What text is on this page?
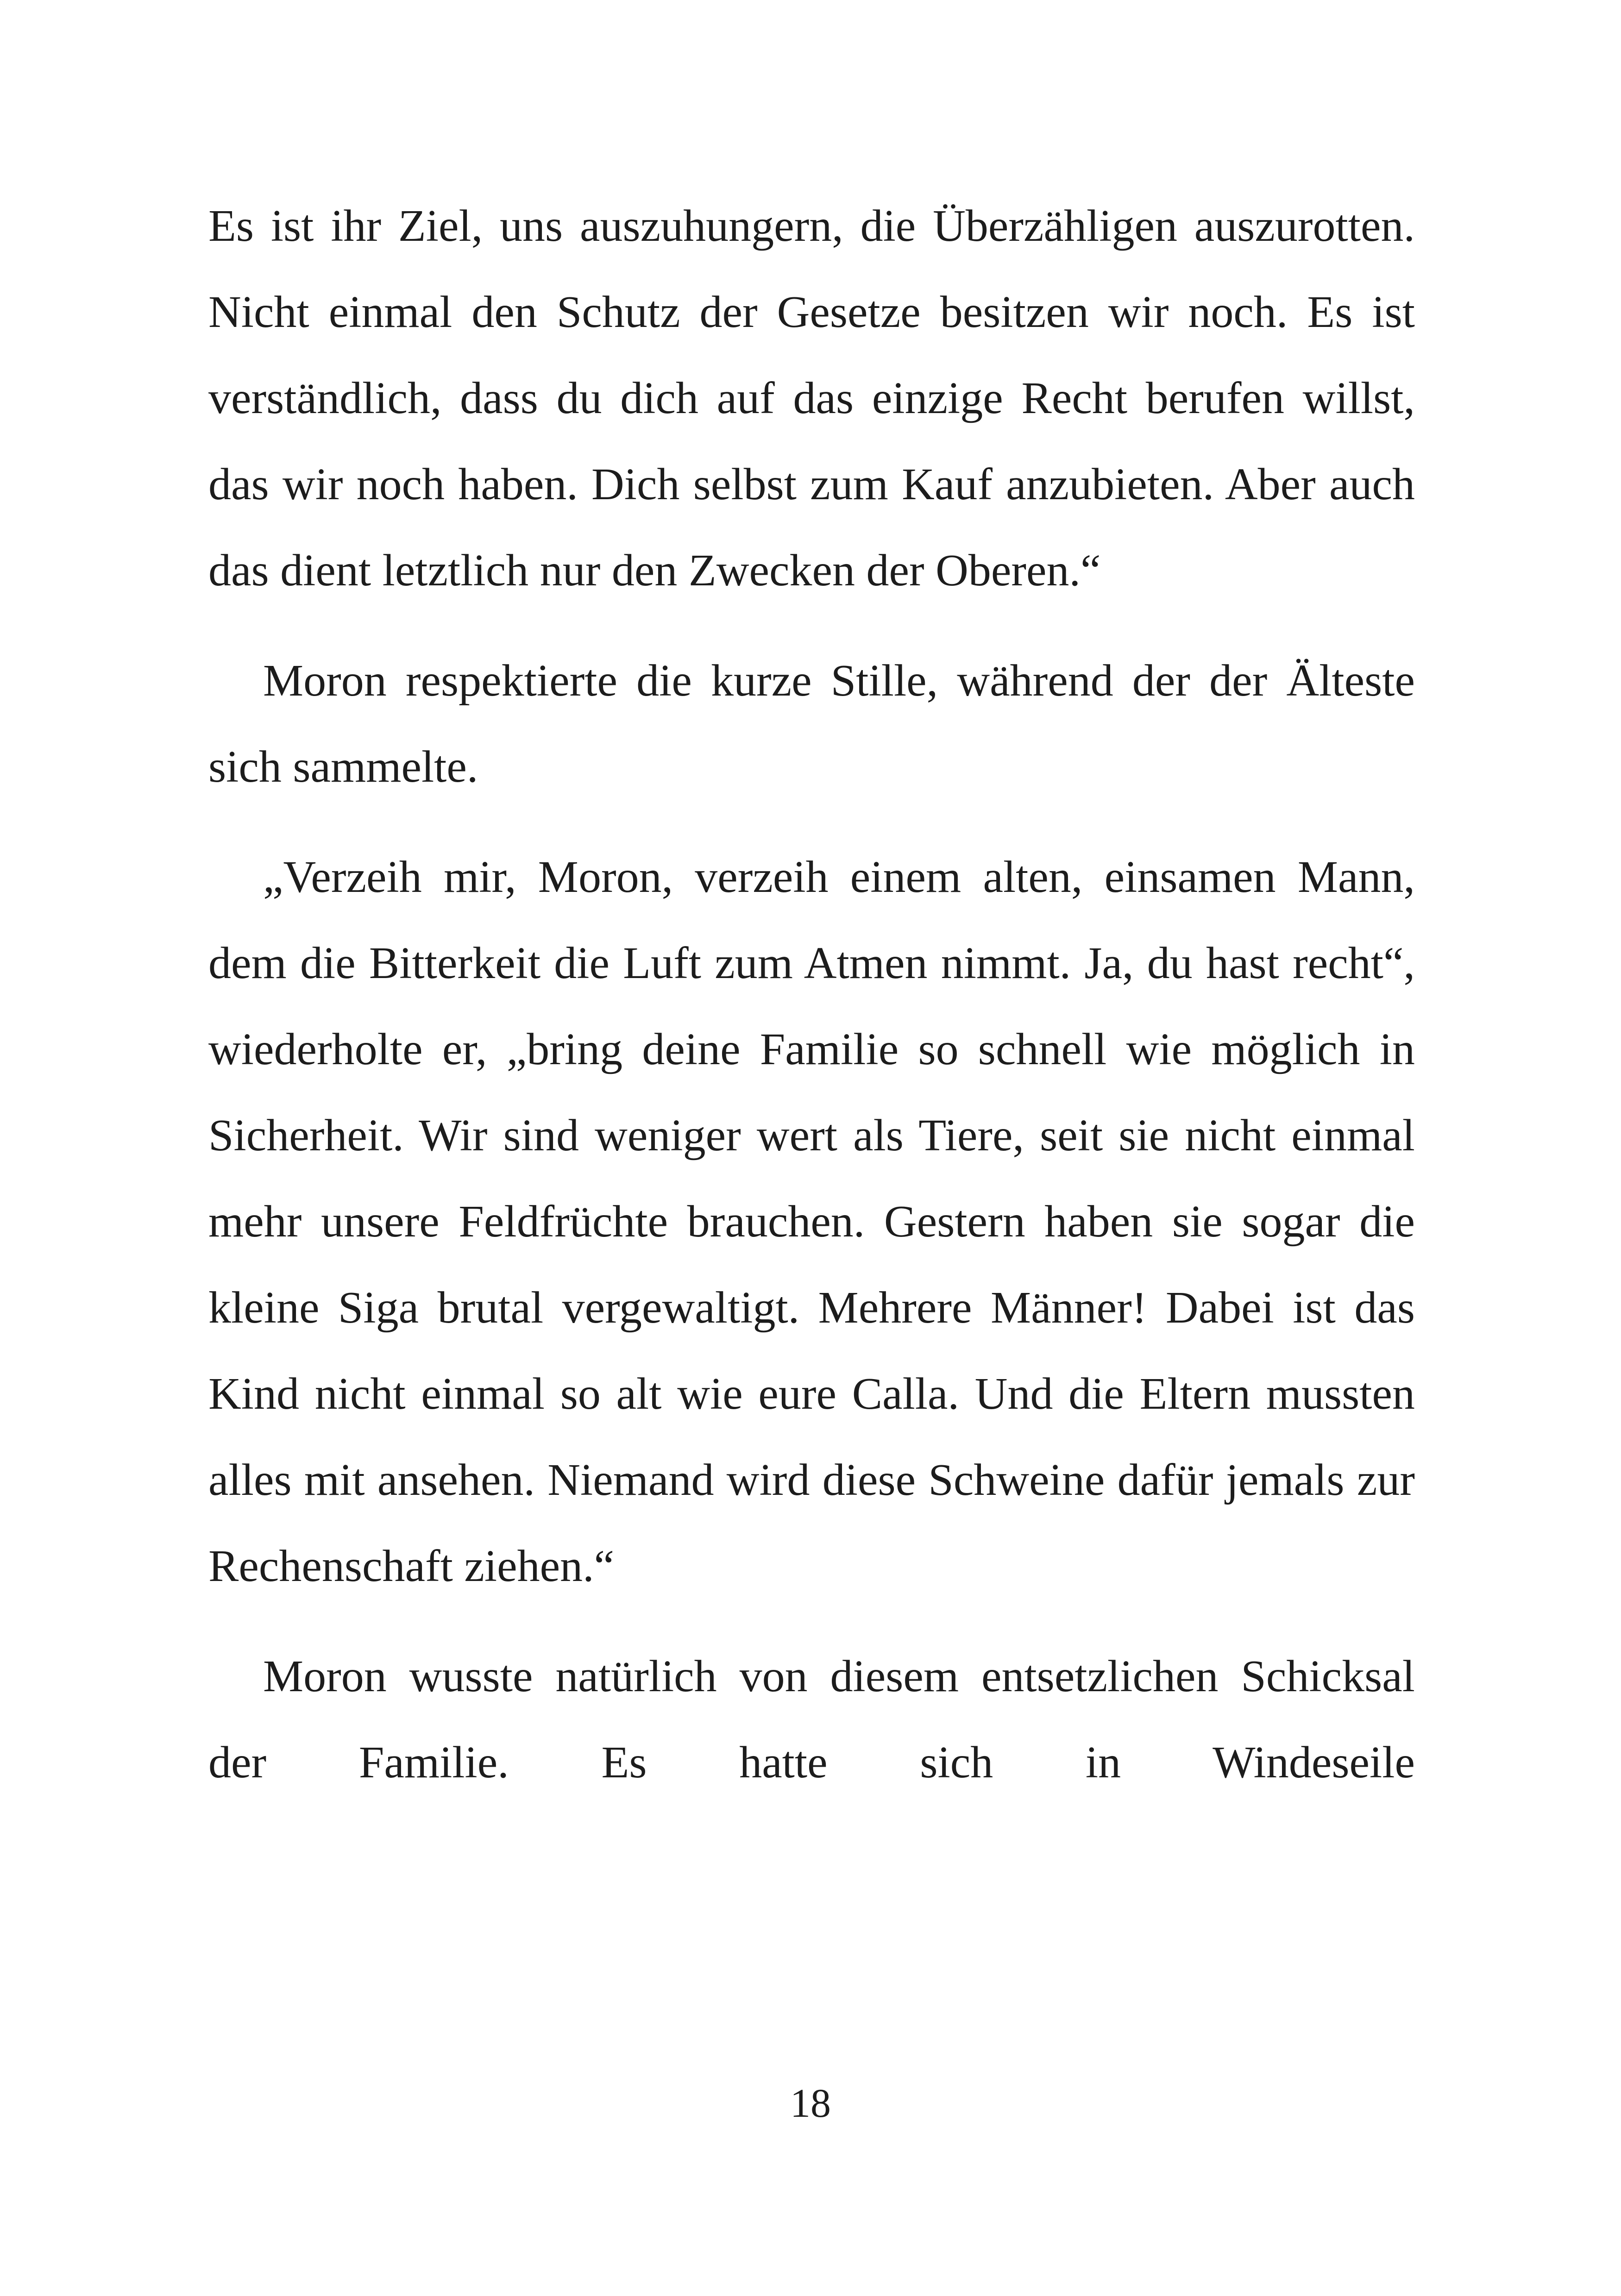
Es ist ihr Ziel, uns auszuhungern, die Überzähligen auszurotten. Nicht einmal den Schutz der Gesetze besitzen wir noch. Es ist verständlich, dass du dich auf das einzige Recht berufen willst, das wir noch haben. Dich selbst zum Kauf anzubieten. Aber auch das dient letztlich nur den Zwecken der Oberen.“

Moron respektierte die kurze Stille, während der der Älteste sich sammelte.

„Verzeih mir, Moron, verzeih einem alten, einsamen Mann, dem die Bitterkeit die Luft zum Atmen nimmt. Ja, du hast recht“, wiederholte er, „bring deine Familie so schnell wie möglich in Sicherheit. Wir sind weniger wert als Tiere, seit sie nicht einmal mehr unsere Feldfrüchte brauchen. Gestern haben sie sogar die kleine Siga brutal vergewaltigt. Mehrere Männer! Dabei ist das Kind nicht einmal so alt wie eure Calla. Und die Eltern mussten alles mit ansehen. Niemand wird diese Schweine dafür jemals zur Rechenschaft ziehen.“

Moron wusste natürlich von diesem entsetzlichen Schicksal der Familie. Es hatte sich in Windeseile

18
